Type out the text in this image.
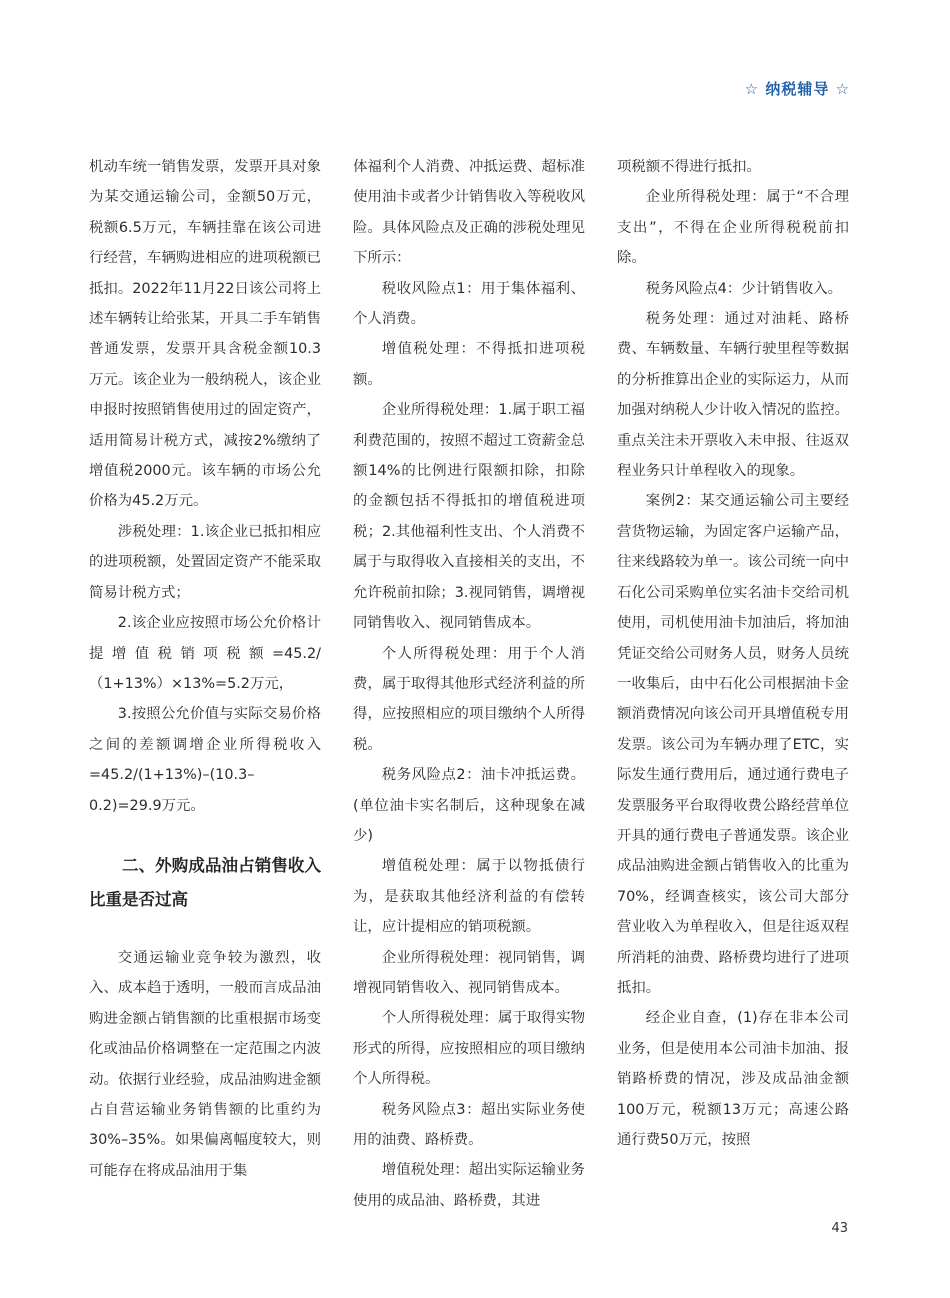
☆ 纳税辅导 ☆

机动车统一销售发票，发票开具对象为某交通运输公司，金额50万元，税额6.5万元，车辆挂靠在该公司进行经营，车辆购进相应的进项税额已抵扣。2022年11月22日该公司将上述车辆转让给张某，开具二手车销售普通发票，发票开具含税金额10.3万元。该企业为一般纳税人，该企业申报时按照销售使用过的固定资产，适用简易计税方式，减按2%缴纳了增值税2000元。该车辆的市场公允价格为45.2万元。

涉税处理：1.该企业已抵扣相应的进项税额，处置固定资产不能采取简易计税方式；

2.该企业应按照市场公允价格计提增值税销项税额=45.2/（1+13%）×13%=5.2万元，

3.按照公允价值与实际交易价格之间的差额调增企业所得税收入=45.2/(1+13%)–(10.3–0.2)=29.9万元。

二、外购成品油占销售收入比重是否过高

交通运输业竞争较为激烈，收入、成本趋于透明，一般而言成品油购进金额占销售额的比重根据市场变化或油品价格调整在一定范围之内波动。依据行业经验，成品油购进金额占自营运输业务销售额的比重约为30%–35%。如果偏离幅度较大，则可能存在将成品油用于集

体福利个人消费、冲抵运费、超标准使用油卡或者少计销售收入等税收风险。具体风险点及正确的涉税处理见下所示：

税收风险点1：用于集体福利、个人消费。

增值税处理：不得抵扣进项税额。

企业所得税处理：1.属于职工福利费范围的，按照不超过工资薪金总额14%的比例进行限额扣除，扣除的金额包括不得抵扣的增值税进项税；2.其他福利性支出、个人消费不属于与取得收入直接相关的支出，不允许税前扣除；3.视同销售，调增视同销售收入、视同销售成本。

个人所得税处理：用于个人消费，属于取得其他形式经济利益的所得，应按照相应的项目缴纳个人所得税。

税务风险点2：油卡冲抵运费。(单位油卡实名制后，这种现象在减少)

增值税处理：属于以物抵债行为，是获取其他经济利益的有偿转让，应计提相应的销项税额。

企业所得税处理：视同销售，调增视同销售收入、视同销售成本。

个人所得税处理：属于取得实物形式的所得，应按照相应的项目缴纳个人所得税。

税务风险点3：超出实际业务使用的油费、路桥费。

增值税处理：超出实际运输业务使用的成品油、路桥费，其进

项税额不得进行抵扣。

企业所得税处理：属于“不合理支出”，不得在企业所得税税前扣除。

税务风险点4：少计销售收入。

税务处理：通过对油耗、路桥费、车辆数量、车辆行驶里程等数据的分析推算出企业的实际运力，从而加强对纳税人少计收入情况的监控。重点关注未开票收入未申报、往返双程业务只计单程收入的现象。

案例2：某交通运输公司主要经营货物运输，为固定客户运输产品，往来线路较为单一。该公司统一向中石化公司采购单位实名油卡交给司机使用，司机使用油卡加油后，将加油凭证交给公司财务人员，财务人员统一收集后，由中石化公司根据油卡金额消费情况向该公司开具增值税专用发票。该公司为车辆办理了ETC，实际发生通行费用后，通过通行费电子发票服务平台取得收费公路经营单位开具的通行费电子普通发票。该企业成品油购进金额占销售收入的比重为70%，经调查核实，该公司大部分营业收入为单程收入，但是往返双程所消耗的油费、路桥费均进行了进项抵扣。

经企业自查，(1)存在非本公司业务，但是使用本公司油卡加油、报销路桥费的情况，涉及成品油金额100万元，税额13万元；高速公路通行费50万元，按照

43
